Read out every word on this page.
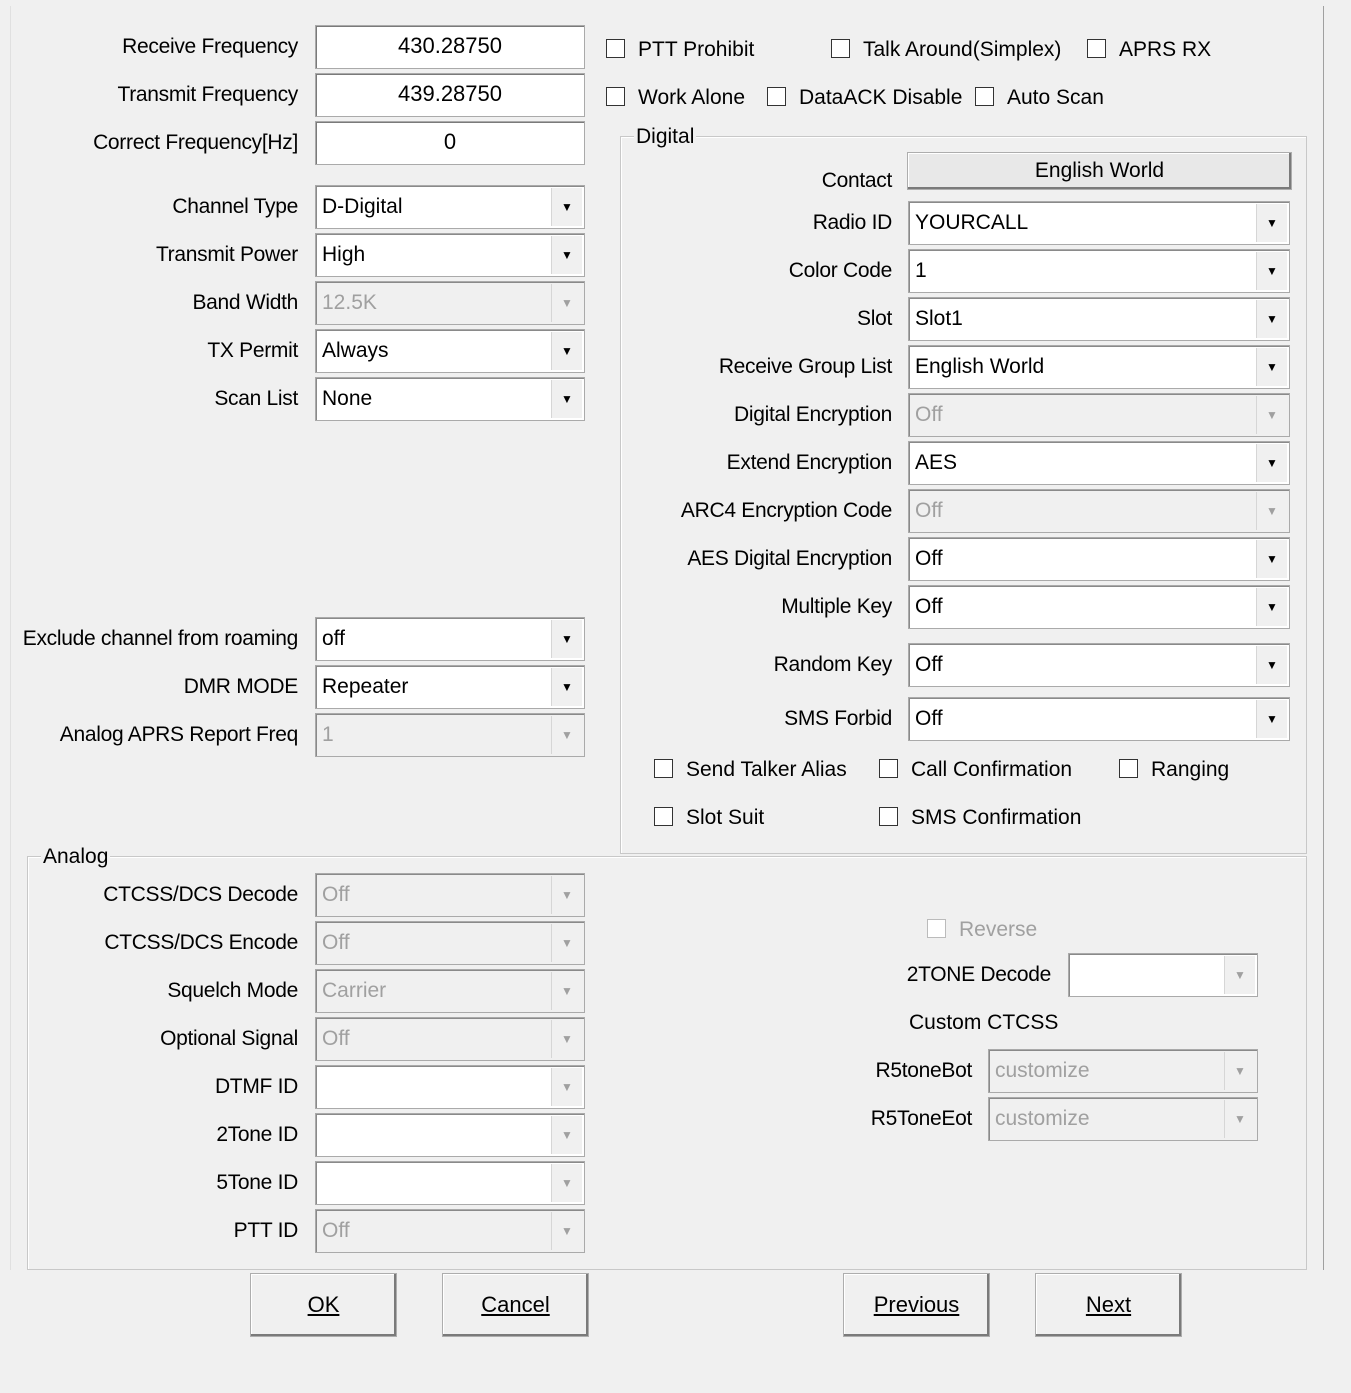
Receive Frequency	430.28750
Transmit Frequency	439.28750
Correct Frequency[Hz]	0
PTT Prohibit	Talk Around(Simplex)	APRS RX
Work Alone	DataACK Disable Auto Scan
Channel Type D-Digital	▼
Transmit Power High	▼
Band Width 12.5K	▼
TX Permit Always	▼
Scan List None	▼
Exclude channel from roaming off	▼
DMR MODE Repeater	▼
Analog APRS Report Freq 1	▼
Digital
Contact	English World
Radio ID YOURCALL	▼
Color Code 1	▼
Slot Slot1	▼
Receive Group List English World	▼
Digital Encryption Off	▼
Extend Encryption AES	▼
ARC4 Encryption Code Off	▼
AES Digital Encryption Off	▼
Multiple Key Off	▼
Random Key Off	▼
SMS Forbid Off	▼
Send Talker Alias	Call Confirmation	Ranging
Slot Suit	SMS Confirmation
Analog
CTCSS/DCS Decode Off	▼
CTCSS/DCS Encode Off	▼
Squelch Mode Carrier	▼
Optional Signal Off	▼
DTMF ID	▼
2Tone ID	▼
5Tone ID	▼
PTT ID Off	▼
Reverse
2TONE Decode	▼
Custom CTCSS
R5toneBot customize	▼
R5ToneEot customize	▼
OK	Cancel	Previous	Next
